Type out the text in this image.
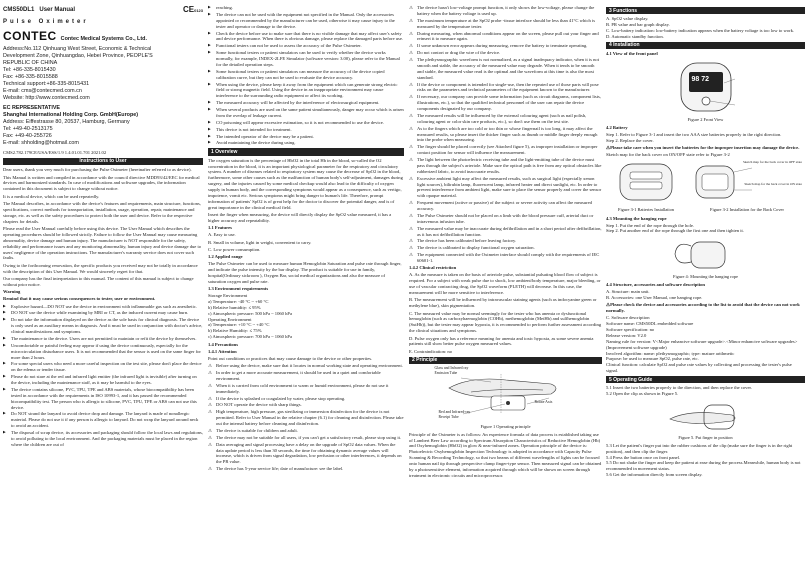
CMS50DL1 User Manual	CE0123
Pulse Oximeter
CONTEC Contec Medical Systems Co., Ltd.

Address:No.112 Qinhuang West Street, Economic & Technical

Development Zone, Qinhuangdao, Hebei Province, PEOPLE'S

REPUBLIC OF CHINA

Tel: +86-335-8015430

Fax: +86-335-8015588

Technical support:+86-335-8015431

E-mail: cms@contecmed.com.cn

Website: http://www.contecmed.com

EC REPRESENTATIVE

Shanghai International Holding Corp. GmbH(Europe)

Address: Eiffestrasse 80, 20537, Hamburg, Germany

Tel: +49-40-2513175

Fax: +49-40-255726

E-mail: shholding@hotmail.com

CMS2.782.179CE/USA/ESS/1.9 1.4.01.01.701 2021.02

Instructions to User

Dear users, thank you very much for purchasing the Pulse Oximeter (hereinafter referred to as device).

This Manual is written and compiled in accordance with the council directive MDD93/42/EEC for medical devices and harmonized standards. In case of modifications and software upgrades, the information contained in this document is subject to change without notice.

It is a medical device, which can be used repeatedly.

The Manual describes, in accordance with the device's features and requirements, main structure, functions, specifications, correct methods for transportation, installation, usage, operation, repair, maintenance and storage, etc. as well as the safety procedures to protect both the user and device. Refer to the respective chapters for details.

Please read the User Manual carefully before using this device. The User Manual which describes the operating procedures should be followed strictly. Failure to follow the User Manual may cause measuring abnormality, device damage and human injury. The manufacturer is NOT responsible for the safety, reliability and performance issues and any monitoring abnormality, human injury and device damage due to users' negligence of the operation instructions. The manufacturer's warranty service does not cover such faults.

Owing to the forthcoming renovation, the specific products you received may not be totally in accordance with the description of this User Manual. We would sincerely regret for that.

Our company has the final interpretation to this manual. The content of this manual is subject to change without prior notice.

Warning

Remind that it may cause serious consequences to tester, user or environment.

▶ Explosive hazard—DO NOT use the device in environment with inflammable gas such as anesthetic.
▶ DO NOT use the device while examining by MRI or CT, as the induced current may cause burn.
▶ Do not take the information displayed on the device as the sole basis for clinical diagnosis. The device is only used as an auxiliary means in diagnosis. And it must be used in conjunction with doctor's advice, clinical manifestations and symptoms.
▶ The maintenance to the device. Users are not permitted to maintain or refit the device by themselves.
▶ Uncomfortable or painful feeling may appear if using the device continuously, especially for the microcirculation disturbance users. It is not recommended that the sensor is used on the same finger for more than 2 hours.
▶ For some special users who need a more careful inspection on the test site, please don't place the device on the edema or tender tissue.
▶ Please do not stare at the red and infrared light emitter (the infrared light is invisible) after turning on the device, including the maintenance staff, as it may be harmful to the eyes.
▶ The device contains silicone, PVC, TPU, TPE and ABS materials, whose biocompatibility has been tested in accordance with the requirements in ISO 10993-1, and it has passed the recommended biocompatibility test. The person who is allergic to silicone, PVC, TPU, TPE or ABS can not use this device.
▶ Do NOT strand the lanyard to avoid device drop and damage. The lanyard is made of nonallergic material. Please do not use it if any person is allergic to lanyard. Do not wrap the lanyard around neck to avoid an accident.
▶ The disposal of scrap device, its accessories and packaging should follow the local laws and regulations, to avoid polluting to the local environment. And the packaging materials must be placed in the region where the children are out of
▶ reaching.
▶ The device can not be used with the equipment not specified in the Manual. Only the accessories appointed or recommended by the manufacturer can be used, otherwise it may cause injury to the tester and operator or damage to the device.
▶ Check the device before use to make sure that there is no visible damage that may affect user's safety and device performance. When there is obvious damage, please replace the damaged parts before use.
▶ Functional testers can not be used to assess the accuracy of the Pulse Oximeter.
▶ Some functional testers or patient simulators can be used to verify whether the device works normally, for example, INDEX-2LFE Simulator (software version: 3.00), please refer to the Manual for the detailed operation steps.
▶ Some functional testers or patient simulators can measure the accuracy of the device copied calibration curve, but they can not be used to evaluate the device accuracy.
▶ When using the device, please keep it away from the equipment which can generate strong electric field or strong magnetic field. Using the device in an inappropriate environment may cause interference to the surrounding radio equipment or affect its working.
▶ The measured accuracy will be affected by the interference of electrosurgical equipment.
▶ When several products are used on the same patient simultaneously, danger may occur which is arisen from the overlap of leakage current.
▶ CO poisoning will appear excessive estimation, so it is not recommended to use the device.
▶ This device is not intended for treatment.
▶ The intended operator of the device may be a patient.
▶ Avoid maintaining the device during using.
1 Overview

The oxygen saturation is the percentage of HbO2 in the total Hb in the blood, so-called the O2 concentration in the blood, it is an important physiological parameter for the respiratory and circulatory system. A number of diseases related to respiratory system may cause the decrease of SpO2 in the blood, furthermore, some other causes such as the malfunction of human body's self-adjustment, damages during surgery, and the injuries caused by some medical checkup would also lead to the difficulty of oxygen supply in human body, and the corresponding symptoms would appear as a consequence, such as vertigo, impotence, vomit etc. Serious symptoms might bring danger to human's life. Therefore, prompt information of patients' SpO2 is of great help for the doctor to discover the potential danger, and is of great importance in the clinical medical field.

Insert the finger when measuring, the device will directly display the SpO2 value measured, it has a higher accuracy and repeatability.

1.1 Features

A. Easy to use.

B. Small in volume, light in weight, convenient to carry.

C. Low power consumption.

1.2 Applied range

The Pulse Oximeter can be used to measure human Hemoglobin Saturation and pulse rate through finger, and indicate the pulse intensity by the bar display. The product is suitable for use in family, hospital(Ordinary sickroom ), Oxygen Bar, social medical organizations and also the measure of saturation oxygen and pulse rate.

1.3 Environment requirements

Storage Environment

a) Temperature: -40 °C ~ +60 °C

b) Relative humidity: ≤ 95%

c) Atmospheric pressure: 500 hPa ~ 1060 hPa

Operating Environment

a) Temperature: +10 °C ~ +40 °C

b) Relative Humidity: ≤ 75%

c) Atmospheric pressure: 700 hPa ~ 1060 hPa

1.4 Precautions

1.4.1 Attention

Point out conditions or practices that may cause damage to the device or other properties.

⚠ Before using the device, make sure that it locates in normal working state and operating environment.
⚠ In order to get a more accurate measurement, it should be used in a quiet and comfortable environment.
⚠ When it is carried from cold environment to warm or humid environment, please do not use it immediately.
⚠ If the device is splashed or coagulated by water, please stop operating.
⚠ DO NOT operate the device with sharp things.
⚠ High temperature, high pressure, gas sterilizing or immersion disinfection for the device is not permitted. Refer to User Manual in the relative chapter (6.1) for cleaning and disinfection. Please take out the internal battery before cleaning and disinfection.
⚠ The device is suitable for children and adult.
⚠ The device may not be suitable for all users, if you can't get a satisfactory result, please stop using it.
⚠ Data averaging and signal processing have a delay on the upgrade of SpO2 data values. When the data update period is less than 30 seconds, the time for obtaining dynamic average values will increase, which is driven from signal degradation, low perfusion or other interferences, it depends on the PR value.
⚠ The device has 5-year service life; date of manufacture: see the label.
⚠ The device hasn't low-voltage prompt function, it only shows the low-voltage, please change the battery when the battery voltage is used up.
⚠ The maximum temperature at the SpO2 probe -tissue interface should be less than 41°C which is measured by the temperature tester.
⚠ During measuring, when abnormal conditions appear on the screen, please pull out your finger and reinsert it to measure again.
⚠ If some unknown error appears during measuring, remove the battery to terminate operating.
⚠ Do not contort or drag the wire of the device.
⚠ The plethysmographic waveform is not normalized, as a signal inadequacy indicator, when it is not smooth and stable, the accuracy of the measured value may degrade. When it tends to be smooth and stable, the measured value read is the optimal and the waveform at this time is also the most standard.
⚠ If the device or component is intended for single-use, then the repeated use of those parts will pose risks on the parameters and technical parameters of the equipment known to the manufacturer.
⚠ If necessary, our company can provide some information (such as circuit diagrams, component lists, illustrations, etc.), so that the qualified technical personnel of the user can repair the device components designated by our company.
⚠ The measured results will be influenced by the external colouring agent (such as nail polish, colouring agent or color skin care products, etc.), so don't use them on the test site.
⚠ As to the fingers which are too cold or too thin or whose fingernail is too long, it may affect the measured results, so please insert the thicker finger such as thumb or middle finger deeply enough into the probe when measuring.
⚠ The finger should be placed correctly (see Attached figure 5), as improper installation or improper contact position for sensor will influence the measurement.
⚠ The light between the photoelectric receiving tube and the light-emitting tube of the device must pass through the subject's arteriole. Make sure the optical path is free from any optical obstacles like rubberized fabric, to avoid inaccurate results.
⚠ Excessive ambient light may affect the measured results, such as surgical light (especially xenon light sources), bilirubin lamp, fluorescent lamp, infrared heater and direct sunlight, etc. In order to prevent interference from ambient light, make sure to place the sensor properly and cover the sensor with opaque material.
⚠ Frequent movement (active or passive) of the subject or severe activity can affect the measured accuracy.
⚠ The Pulse Oximeter should not be placed on a limb with the blood pressure cuff, arterial duct or intravenous infusion tube.
⚠ The measured value may be inaccurate during defibrillation and in a short period after defibrillation, as it has not defibrillation function.
⚠ The device has been calibrated before leaving factory.
⚠ The device is calibrated to display functional oxygen saturation.
⚠ The equipment connected with the Oximeter interface should comply with the requirements of IEC 60601-1.

1.4.2 Clinical restriction

A. As the measure is taken on the basis of arteriole pulse, substantial pulsating blood flow of subject is required. For a subject with weak pulse due to shock, low ambient/body temperature, major bleeding, or use of vascular contracting drug, the SpO2 waveform (PLETH) will decrease. In this case, the measurement will be more sensitive to interference.

B. The measurement will be influenced by intravascular staining agents (such as indocyanine green or methylene blue), skin pigmentation.

C. The measured value may be normal seemingly for the tester who has anemia or dysfunctional hemoglobin (such as carboxyhaemoglobin (COHb), methemoglobin (MetHb) and sulfhemoglobin (SutHb)), but the tester may appear hypoxia, it is recommended to perform further assessment according the clinical situations and symptoms.

D. Pulse oxygen only has a reference meaning for anemia and toxic hypoxia, as some severe anemia patients still show better pulse oxygen measured values.

E. Contraindication: no

2 Principle
Glass and Infrared ray
Emission Tube
Rotate Axis
Red and Infrared-ray
Receipt Tube

Figure 1 Operating principle

Principle of the Oximeter is as follows: An experience formula of data process is established taking use of Lambert Beer Law according to Spectrum Absorption Characteristics of Reductive Hemoglobin (Hb) and Oxyhemoglobin (HbO2) in glow & near-infrared zones. Operation principle of the device is: Photoelectric Oxyhemoglobin Inspection Technology is adopted in accordance with Capacity Pulse Scanning & Recording Technology, so that two beams of different wavelengths of lights can be focused onto human nail tip through perspective clamp finger-type sensor. Then measured signal can be obtained by a photosensitive element, information acquired through which will be shown on screen through treatment in electronic circuits and microprocessor.

3 Functions

A. SpO2 value display.

B. PR value and bar graph display.

C. Low-battery indication: low-battery indication appears when the battery voltage is too low to work.

D. Automatic standby function.

4 Installation

4.1 View of the front panel

98 72

Figure 2 Front View

4.2 Battery

Step 1. Refer to Figure 3-1 and insert the two AAA size batteries properly in the right direction.

Step 2. Replace the cover.

⚠Please take care when you insert the batteries for the improper insertion may damage the device.

Sketch map for the back cover on ON/OFF state refer to Figure 3-2

Figure 3-1 Batteries Installation

Sketch map for the back cover in OFF state
Sketch map for the back cover in ON state

Figure 3-2 Installation for the Back Cover

4.3 Mounting the hanging rope

Step 1. Put the end of the rope through the hole.

Step 2. Put another end of the rope through the first one and then tighten it.

Figure 4: Mounting the hanging rope

4.4 Structure, accessories and software description

A. Structure: main unit.

B. Accessories: one User Manual, one hanging rope.

⚠Please check the device and accessories according to the list to avoid that the device can not work normally.

C. Software description

Software name: CMS50DL embedded software

Software specification: no

Release version: V2.0

Naming rule for version: V<Major enhancive software upgrade>.<Minor enhancive software upgrades>(Improvement software upgrade)

Involved algorithm: name: plethysmographic; type: mature arithmetic

Purpose: be used to measure SpO2, pulse rate, etc.

Clinical function: calculate SpO2 and pulse rate values by collecting and processing the tester's pulse signal.

5 Operating Guide

5.1 Insert the two batteries properly to the direction, and then replace the cover.

5.2 Open the clip as shown in Figure 5.

Figure 5. Put finger in position

5.3 Let the patient's finger put into the rubber cushions of the clip (make sure the finger is in the right position), and then clip the finger.

5.4 Press the button once on front panel.

5.5 Do not shake the finger and keep the patient at ease during the process.Meanwhile, human body is not recommended in movement status.

5.6 Get the information directly from screen display.
